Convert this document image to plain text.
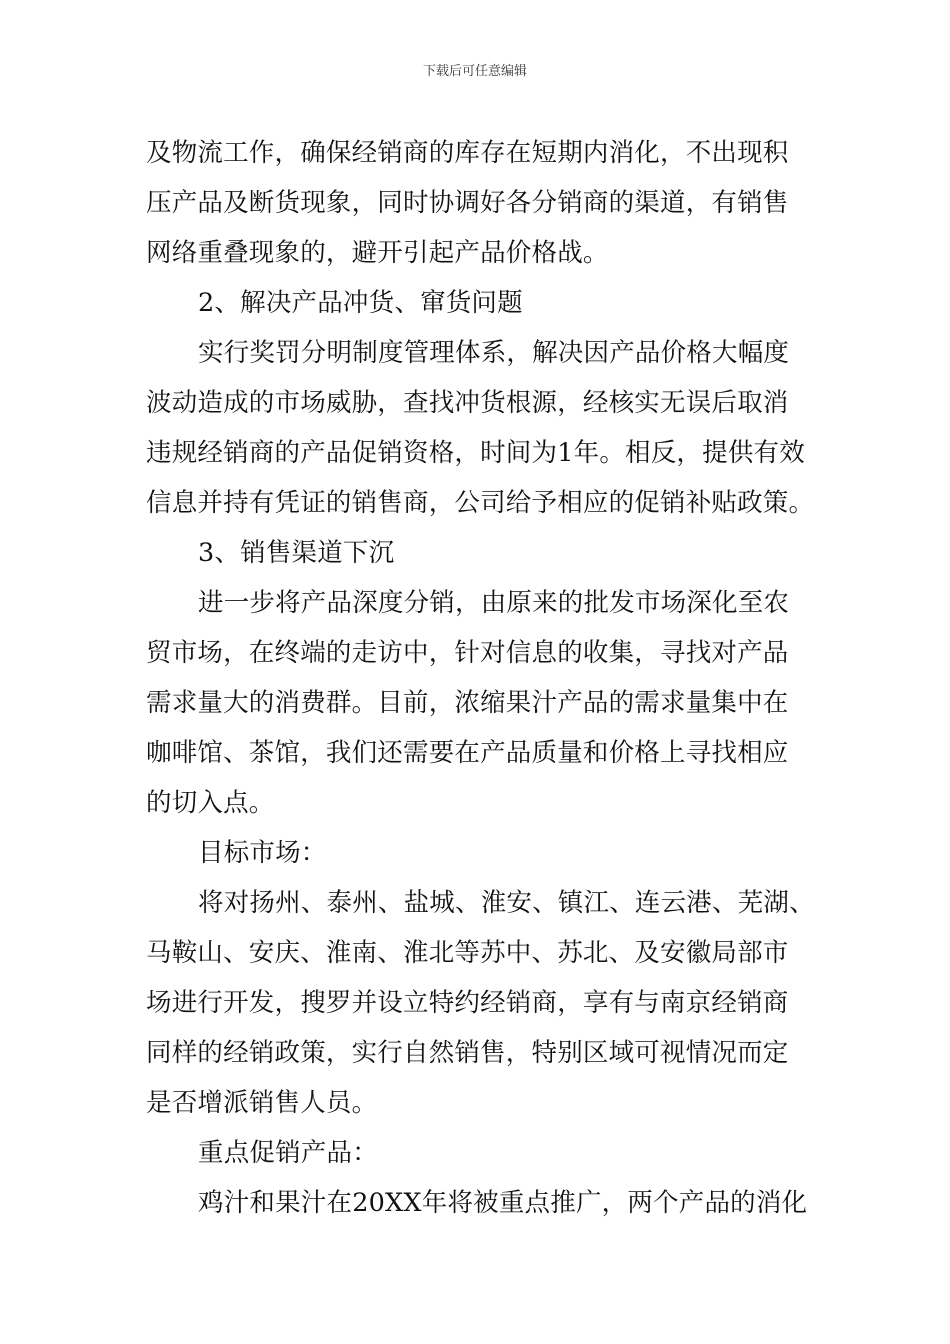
下载后可任意编辑
及物流工作，确保经销商的库存在短期内消化，不出现积
压产品及断货现象，同时协调好各分销商的渠道，有销售
网络重叠现象的，避开引起产品价格战。
2、解决产品冲货、窜货问题
实行奖罚分明制度管理体系，解决因产品价格大幅度
波动造成的市场威胁，查找冲货根源，经核实无误后取消
违规经销商的产品促销资格，时间为1年。相反，提供有效
信息并持有凭证的销售商，公司给予相应的促销补贴政策。
3、销售渠道下沉
进一步将产品深度分销，由原来的批发市场深化至农
贸市场，在终端的走访中，针对信息的收集，寻找对产品
需求量大的消费群。目前，浓缩果汁产品的需求量集中在
咖啡馆、茶馆，我们还需要在产品质量和价格上寻找相应
的切入点。
目标市场：
将对扬州、泰州、盐城、淮安、镇江、连云港、芜湖、
马鞍山、安庆、淮南、淮北等苏中、苏北、及安徽局部市
场进行开发，搜罗并设立特约经销商，享有与南京经销商
同样的经销政策，实行自然销售，特别区域可视情况而定
是否增派销售人员。
重点促销产品：
鸡汁和果汁在20XX年将被重点推广，两个产品的消化
